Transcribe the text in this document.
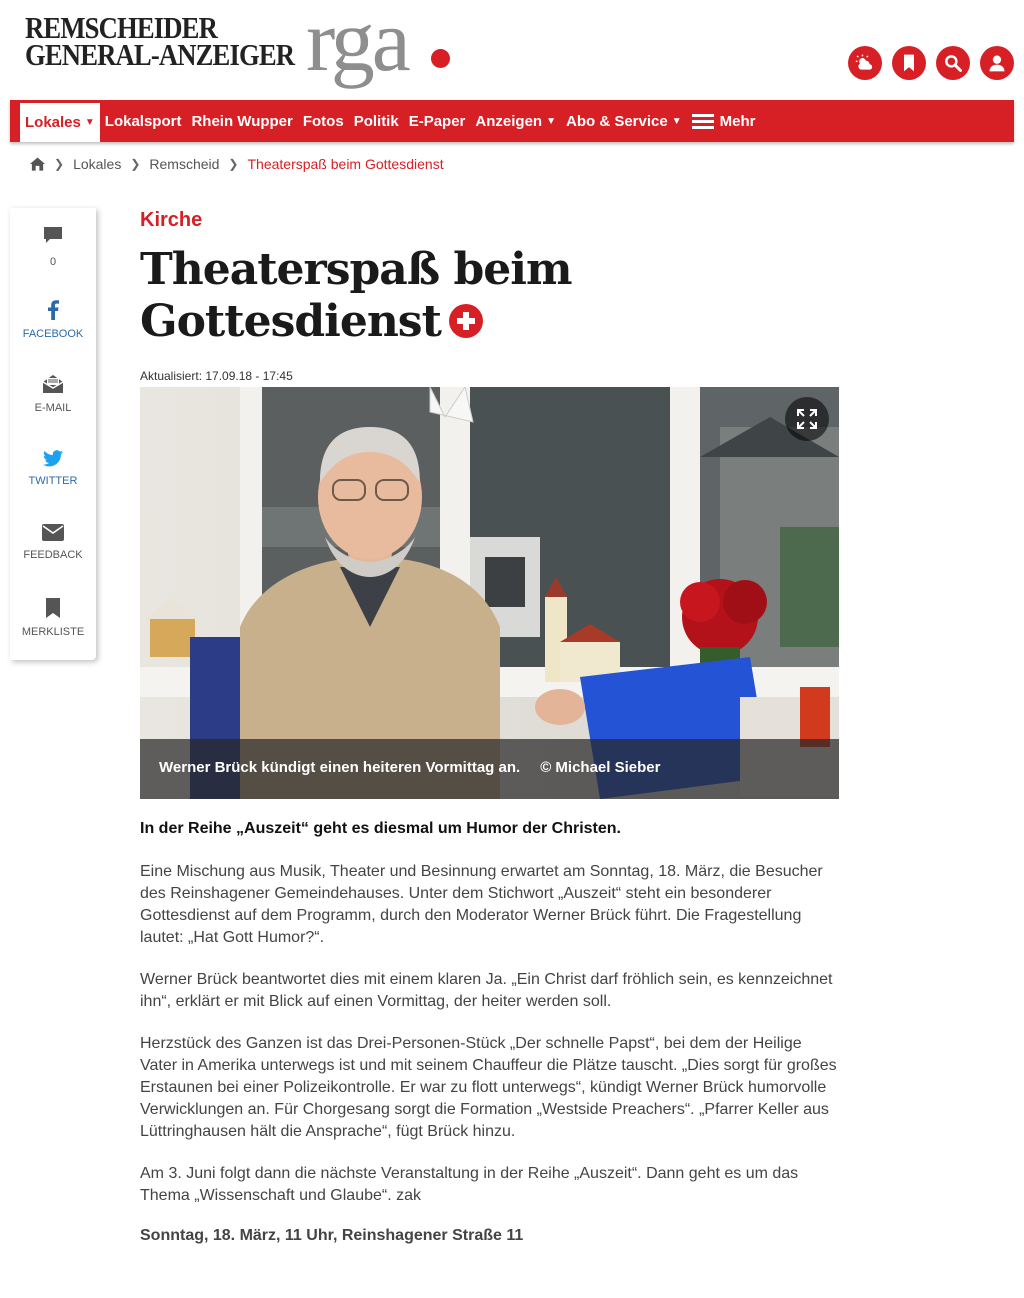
REMSCHEIDER
GENERAL-ANZEIGER rga
Lokales ▼ Lokalsport Rhein Wupper Fotos Politik E-Paper Anzeigen ▼ Abo & Service ▼	Mehr
❯ Lokales ❯ Remscheid ❯ Theaterspaß beim Gottesdienst
0
FACEBOOK
E-MAIL
TWITTER
FEEDBACK
MERKLISTE
Kirche
Theaterspaß beim
Gottesdienst
Aktualisiert: 17.09.18 - 17:45
Werner Brück kündigt einen heiteren Vormittag an. © Michael Sieber
In der Reihe „Auszeit“ geht es diesmal um Humor der Christen.

Eine Mischung aus Musik, Theater und Besinnung erwartet am Sonntag, 18. März, die Besucher des Reinshagener Gemeindehauses. Unter dem Stichwort „Auszeit“ steht ein besonderer Gottesdienst auf dem Programm, durch den Moderator Werner Brück führt. Die Fragestellung lautet: „Hat Gott Humor?“.

Werner Brück beantwortet dies mit einem klaren Ja. „Ein Christ darf fröhlich sein, es kennzeichnet ihn“, erklärt er mit Blick auf einen Vormittag, der heiter werden soll.

Herzstück des Ganzen ist das Drei-Personen-Stück „Der schnelle Papst“, bei dem der Heilige Vater in Amerika unterwegs ist und mit seinem Chauffeur die Plätze tauscht. „Dies sorgt für großes Erstaunen bei einer Polizeikontrolle. Er war zu flott unterwegs“, kündigt Werner Brück humorvolle Verwicklungen an. Für Chorgesang sorgt die Formation „Westside Preachers“. „Pfarrer Keller aus Lüttringhausen hält die Ansprache“, fügt Brück hinzu.

Am 3. Juni folgt dann die nächste Veranstaltung in der Reihe „Auszeit“. Dann geht es um das Thema „Wissenschaft und Glaube“. zak

Sonntag, 18. März, 11 Uhr, Reinshagener Straße 11
